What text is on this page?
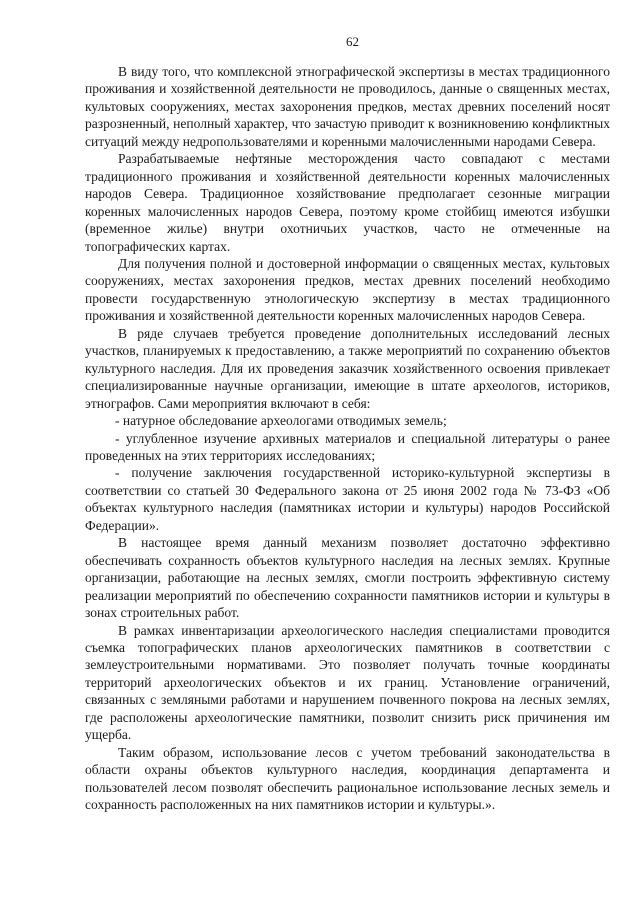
62

В виду того, что комплексной этнографической экспертизы в местах традиционного проживания и хозяйственной деятельности не проводилось, данные о священных местах, культовых сооружениях, местах захоронения предков, местах древних поселений носят разрозненный, неполный характер, что зачастую приводит к возникновению конфликтных ситуаций между недропользователями и коренными малочисленными народами Севера.

Разрабатываемые нефтяные месторождения часто совпадают с местами традиционного проживания и хозяйственной деятельности коренных малочисленных народов Севера. Традиционное хозяйствование предполагает сезонные миграции коренных малочисленных народов Севера, поэтому кроме стойбищ имеются избушки (временное жилье) внутри охотничьих участков, часто не отмеченные на топографических картах.

Для получения полной и достоверной информации о священных местах, культовых сооружениях, местах захоронения предков, местах древних поселений необходимо провести государственную этнологическую экспертизу в местах традиционного проживания и хозяйственной деятельности коренных малочисленных народов Севера.

В ряде случаев требуется проведение дополнительных исследований лесных участков, планируемых к предоставлению, а также мероприятий по сохранению объектов культурного наследия. Для их проведения заказчик хозяйственного освоения привлекает специализированные научные организации, имеющие в штате археологов, историков, этнографов. Сами мероприятия включают в себя:

- натурное обследование археологами отводимых земель;

- углубленное изучение архивных материалов и специальной литературы о ранее проведенных на этих территориях исследованиях;

- получение заключения государственной историко-культурной экспертизы в соответствии со статьей 30 Федерального закона от 25 июня 2002 года № 73-ФЗ «Об объектах культурного наследия (памятниках истории и культуры) народов Российской Федерации».

В настоящее время данный механизм позволяет достаточно эффективно обеспечивать сохранность объектов культурного наследия на лесных землях. Крупные организации, работающие на лесных землях, смогли построить эффективную систему реализации мероприятий по обеспечению сохранности памятников истории и культуры в зонах строительных работ.

В рамках инвентаризации археологического наследия специалистами проводится съемка топографических планов археологических памятников в соответствии с землеустроительными нормативами. Это позволяет получать точные координаты территорий археологических объектов и их границ. Установление ограничений, связанных с земляными работами и нарушением почвенного покрова на лесных землях, где расположены археологические памятники, позволит снизить риск причинения им ущерба.

Таким образом, использование лесов с учетом требований законодательства в области охраны объектов культурного наследия, координация департамента и пользователей лесом позволят обеспечить рациональное использование лесных земель и сохранность расположенных на них памятников истории и культуры.».
